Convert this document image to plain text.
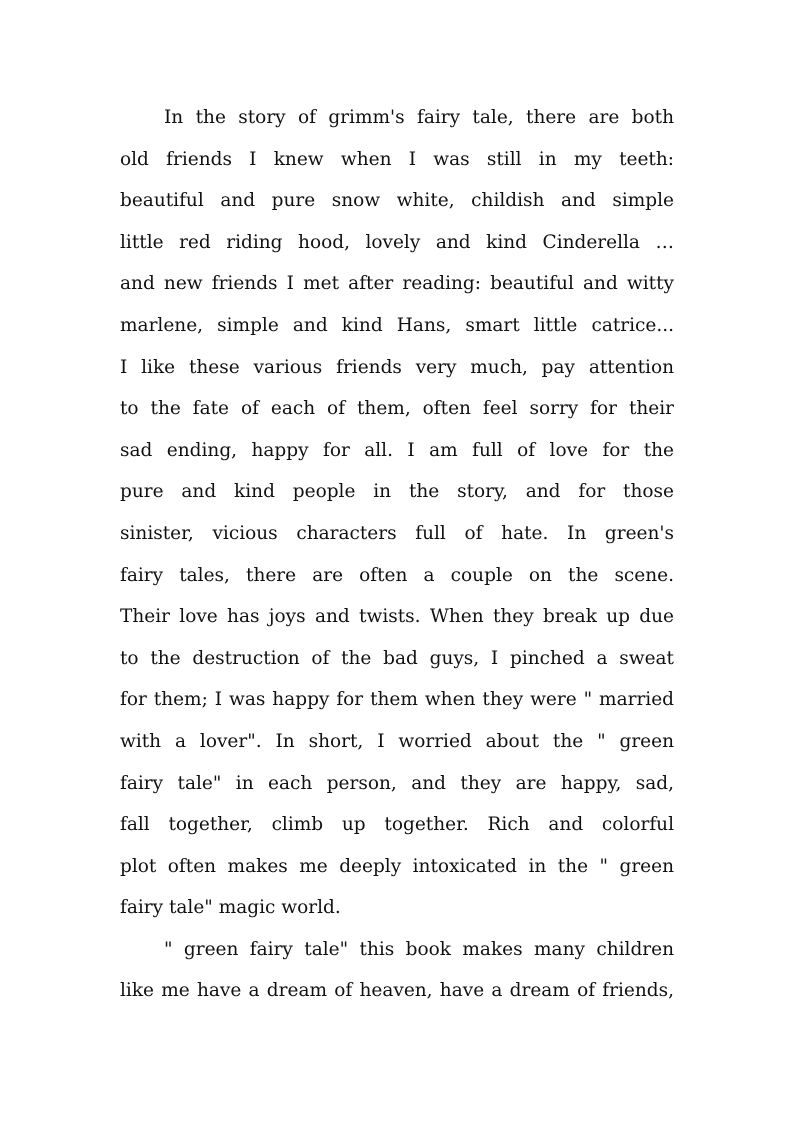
In the story of grimm's fairy tale, there are both
old friends I knew when I was still in my teeth:
beautiful and pure snow white, childish and simple
little red riding hood, lovely and kind Cinderella …
and new friends I met after reading: beautiful and witty
marlene, simple and kind Hans, smart little catrice...
I like these various friends very much, pay attention
to the fate of each of them, often feel sorry for their
sad ending, happy for all. I am full of love for the
pure and kind people in the story, and for those
sinister, vicious characters full of hate. In green's
fairy tales, there are often a couple on the scene.
Their love has joys and twists. When they break up due
to the destruction of the bad guys, I pinched a sweat
for them; I was happy for them when they were " married
with a lover". In short, I worried about the " green
fairy tale" in each person, and they are happy, sad,
fall together, climb up together. Rich and colorful
plot often makes me deeply intoxicated in the " green
fairy tale" magic world.
" green fairy tale" this book makes many children
like me have a dream of heaven, have a dream of friends,
